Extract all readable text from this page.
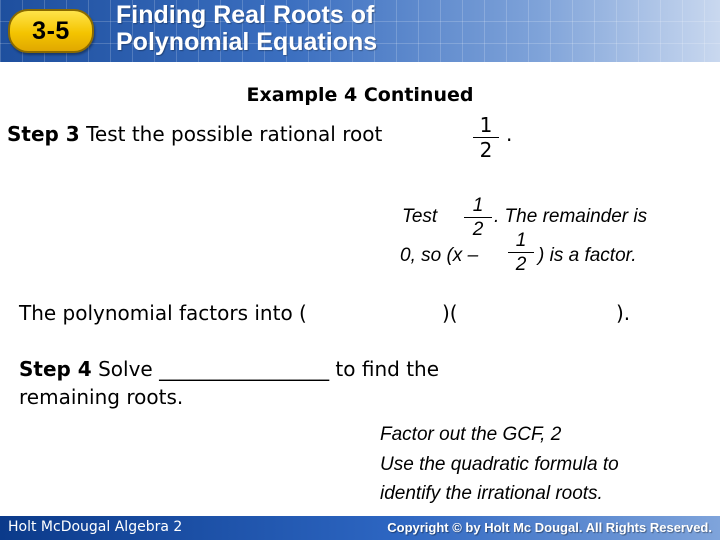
3-5
Finding Real Roots of
Polynomial Equations
Example 4 Continued
Step 3 Test the possible rational root	1
2
.
Test
1
2
. The remainder is
0, so (x –
1
2 ) is a factor.
The polynomial factors into (	)(	).
Step 4 Solve _________________ to find the
remaining roots.
Factor out the GCF, 2
Use the quadratic formula to
identify the irrational roots.
Holt McDougal Algebra 2	Copyright © by Holt Mc Dougal. All Rights Reserved.
